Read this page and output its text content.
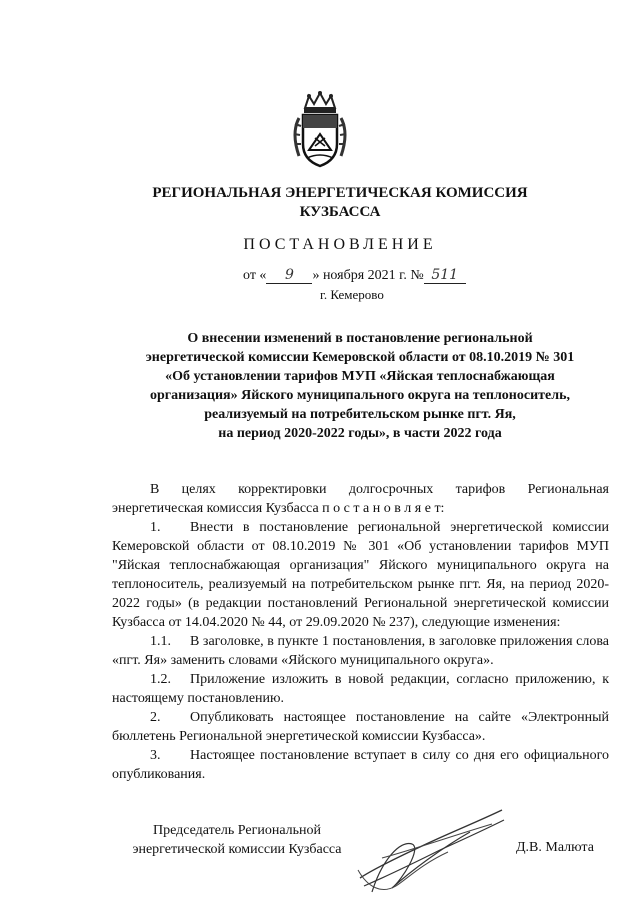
РЕГИОНАЛЬНАЯ ЭНЕРГЕТИЧЕСКАЯ КОМИССИЯ
КУЗБАССА
ПОСТАНОВЛЕНИЕ
от « 9 » ноября 2021 г. № 511
г. Кемерово
О внесении изменений в постановление региональной
энергетической комиссии Кемеровской области от 08.10.2019 № 301
«Об установлении тарифов МУП «Яйская теплоснабжающая
организация» Яйского муниципального округа на теплоноситель,
реализуемый на потребительском рынке пгт. Яя,
на период 2020-2022 годы», в части 2022 года

В целях корректировки долгосрочных тарифов Региональная энергетическая комиссия Кузбасса п о с т а н о в л я е т:

1. Внести в постановление региональной энергетической комиссии Кемеровской области от 08.10.2019 № 301 «Об установлении тарифов МУП "Яйская теплоснабжающая организация" Яйского муниципального округа на теплоноситель, реализуемый на потребительском рынке пгт. Яя, на период 2020-2022 годы» (в редакции постановлений Региональной энергетической комиссии Кузбасса от 14.04.2020 № 44, от 29.09.2020 № 237), следующие изменения:

1.1. В заголовке, в пункте 1 постановления, в заголовке приложения слова «пгт. Яя» заменить словами «Яйского муниципального округа».

1.2. Приложение изложить в новой редакции, согласно приложению, к настоящему постановлению.

2. Опубликовать настоящее постановление на сайте «Электронный бюллетень Региональной энергетической комиссии Кузбасса».

3. Настоящее постановление вступает в силу со дня его официального опубликования.

Председатель Региональной
энергетической комиссии Кузбасса	Д.В. Малюта
